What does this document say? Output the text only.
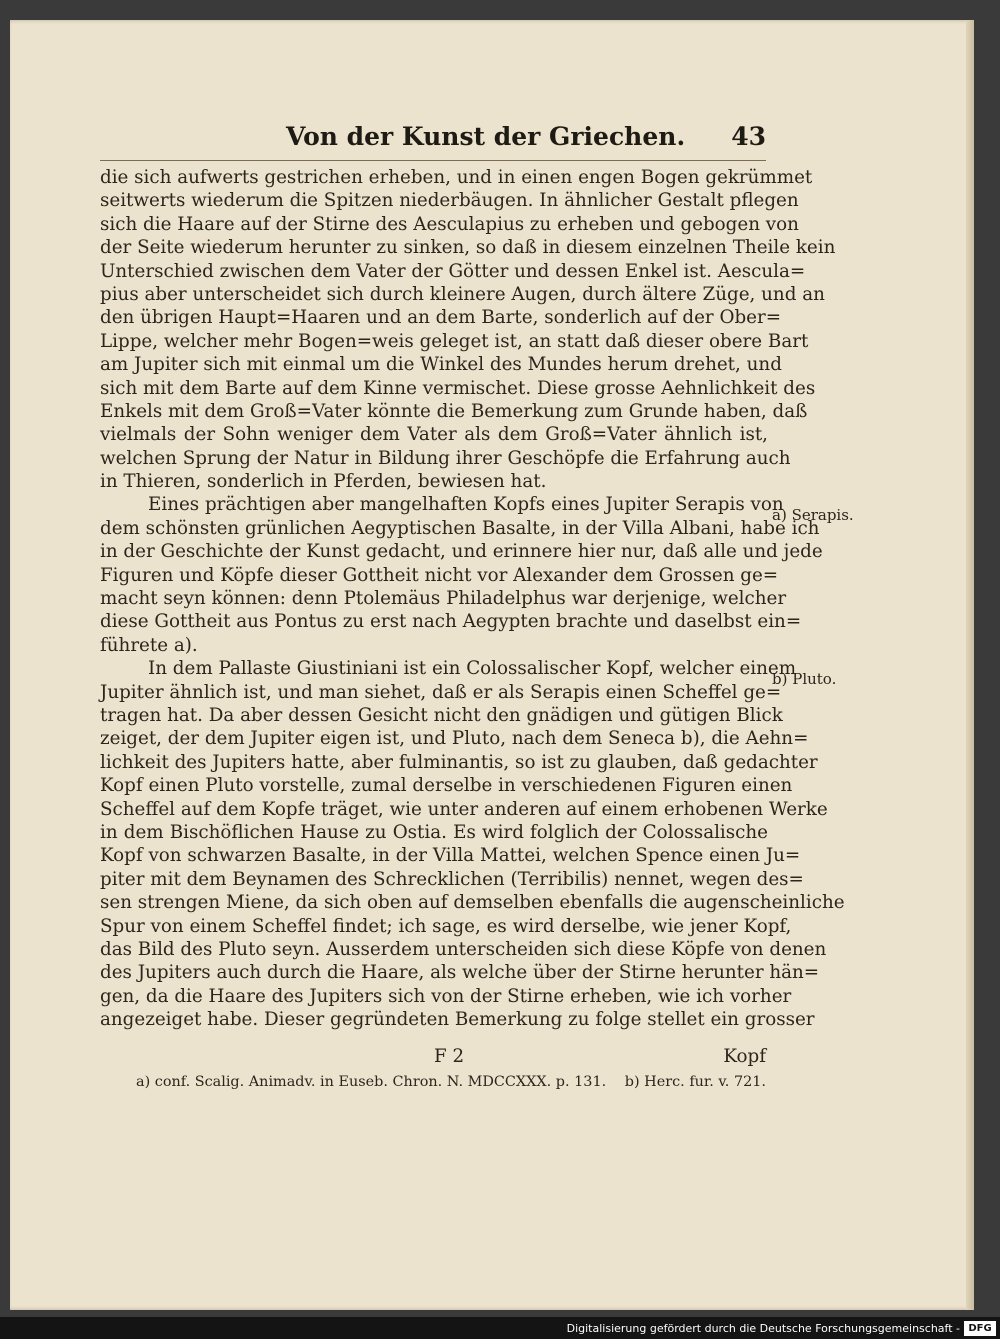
Von der Kunst der Griechen. 43
die sich aufwerts gestrichen erheben, und in einen engen Bogen gekrümmet
seitwerts wiederum die Spitzen niederbäugen. In ähnlicher Gestalt pflegen
sich die Haare auf der Stirne des Aesculapius zu erheben und gebogen von
der Seite wiederum herunter zu sinken, so daß in diesem einzelnen Theile kein
Unterschied zwischen dem Vater der Götter und dessen Enkel ist. Aescula=
pius aber unterscheidet sich durch kleinere Augen, durch ältere Züge, und an
den übrigen Haupt=Haaren und an dem Barte, sonderlich auf der Ober=
Lippe, welcher mehr Bogen=weis geleget ist, an statt daß dieser obere Bart
am Jupiter sich mit einmal um die Winkel des Mundes herum drehet, und
sich mit dem Barte auf dem Kinne vermischet. Diese grosse Aehnlichkeit des
Enkels mit dem Groß=Vater könnte die Bemerkung zum Grunde haben, daß
vielmals der Sohn weniger dem Vater als dem Groß=Vater ähnlich ist,
welchen Sprung der Natur in Bildung ihrer Geschöpfe die Erfahrung auch
in Thieren, sonderlich in Pferden, bewiesen hat.
Eines prächtigen aber mangelhaften Kopfs eines Jupiter Serapis von
dem schönsten grünlichen Aegyptischen Basalte, in der Villa Albani, habe ich
in der Geschichte der Kunst gedacht, und erinnere hier nur, daß alle und jede
Figuren und Köpfe dieser Gottheit nicht vor Alexander dem Grossen ge=
macht seyn können: denn Ptolemäus Philadelphus war derjenige, welcher
diese Gottheit aus Pontus zu erst nach Aegypten brachte und daselbst ein=
führete a).
In dem Pallaste Giustiniani ist ein Colossalischer Kopf, welcher einem
Jupiter ähnlich ist, und man siehet, daß er als Serapis einen Scheffel ge=
tragen hat. Da aber dessen Gesicht nicht den gnädigen und gütigen Blick
zeiget, der dem Jupiter eigen ist, und Pluto, nach dem Seneca b), die Aehn=
lichkeit des Jupiters hatte, aber fulminantis, so ist zu glauben, daß gedachter
Kopf einen Pluto vorstelle, zumal derselbe in verschiedenen Figuren einen
Scheffel auf dem Kopfe träget, wie unter anderen auf einem erhobenen Werke
in dem Bischöflichen Hause zu Ostia. Es wird folglich der Colossalische
Kopf von schwarzen Basalte, in der Villa Mattei, welchen Spence einen Ju=
piter mit dem Beynamen des Schrecklichen (Terribilis) nennet, wegen des=
sen strengen Miene, da sich oben auf demselben ebenfalls die augenscheinliche
Spur von einem Scheffel findet; ich sage, es wird derselbe, wie jener Kopf,
das Bild des Pluto seyn. Ausserdem unterscheiden sich diese Köpfe von denen
des Jupiters auch durch die Haare, als welche über der Stirne herunter hän=
gen, da die Haare des Jupiters sich von der Stirne erheben, wie ich vorher
angezeiget habe. Dieser gegründeten Bemerkung zu folge stellet ein grosser
a) Serapis.
b) Pluto.
F 2	Kopf
a) conf. Scalig. Animadv. in Euseb. Chron. N. MDCCXXX. p. 131. b) Herc. fur. v. 721.
Digitalisierung gefördert durch die Deutsche Forschungsgemeinschaft - DFG
